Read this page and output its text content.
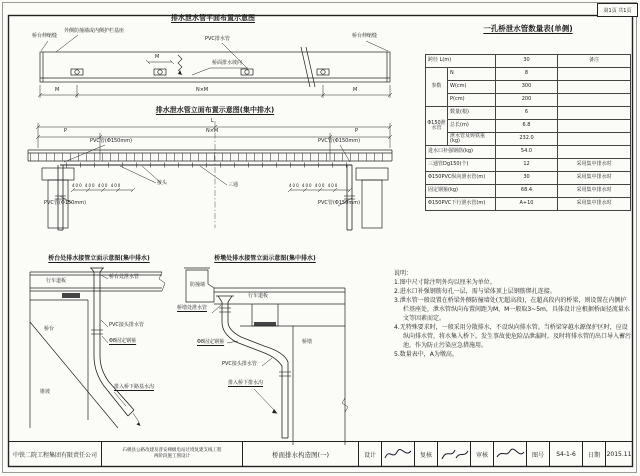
第1页 共1页
排水泄水管平面布置示意图
桥台伸缩缝	桥台伸缩缝
外侧防撞墙或内侧护栏基座
PVC排水管
桥面排水坡向
M
M	N×M	M
排水泄水管立面布置示意图(集中排水)
L
P	N×M	P
PVC管(Φ150mm)	PVC管(Φ150mm)
PVC管(Φ150mm)	PVC管(Φ150mm)
接头	三通
400 400 400 400	400 400 400 400
桥台处排水接管立面示意图(集中排水)
行车道板
桥台处泄水管
桥台
PVC接头排水管
Φ8固定钢箍
锥坡
排入桥下路基水沟
桥墩处排水接管立面示意图(集中排水)
防撞墙
行车道板
桥墩处泄水管
Φ8固定钢箍	桥墩
PVC接头排水管
排入桥下排水沟
一孔桥泄水管数量表(单侧)
跨径 L(m)		30	备注
参数	N	8	
	W(cm)	300	
	P(cm)	200	
Φ150泄水管	数量(根)	6	
	总长(m)	6.8	
	泄水管及铸铁重(kg)	232.0	
进水口补强钢筋(kg)		54.0	
三通管Dg150(个)		12	采用集中排水时
Φ150PVC纵向泄水管(m)		30	采用集中排水时
固定钢箍(kg)		68.4	采用集中排水时
Φ150PVC下行泄水管(m)		A+10	采用集中排水时
说明：
1.图中尺寸除注明外均以厘米为单位。
2.进水口补强钢筋每孔一层，需与梁体顶上层钢筋绑扎连接。
3.泄水管一般设置在桥梁外侧防撞墙处(无超高段)，在超高段内的桥梁，则设置在内侧护栏基座处，泄水管纵向布置间距为M，M一般取3~5m，具体设计应根据桥面径流量水文等因素而定。
4.无特殊要求时，一般采用分散排水，不设纵向排水管。当桥梁穿越水源保护区时，应设纵向排水管，将水集入桥下。发生事故使危险品泄漏时，及时将排水管的出口导入蓄污池，作为防止污染应急措施用。
5.数量表中，A为墩高。
中铁二院工程集团有限责任公司
石棉县公路改建及普安梯级电站过境复建支线工程
两阶段施工图设计	桥面排水构造图(一)	设计	复核	审核	图号	S4-1-6	日期	2015.11
